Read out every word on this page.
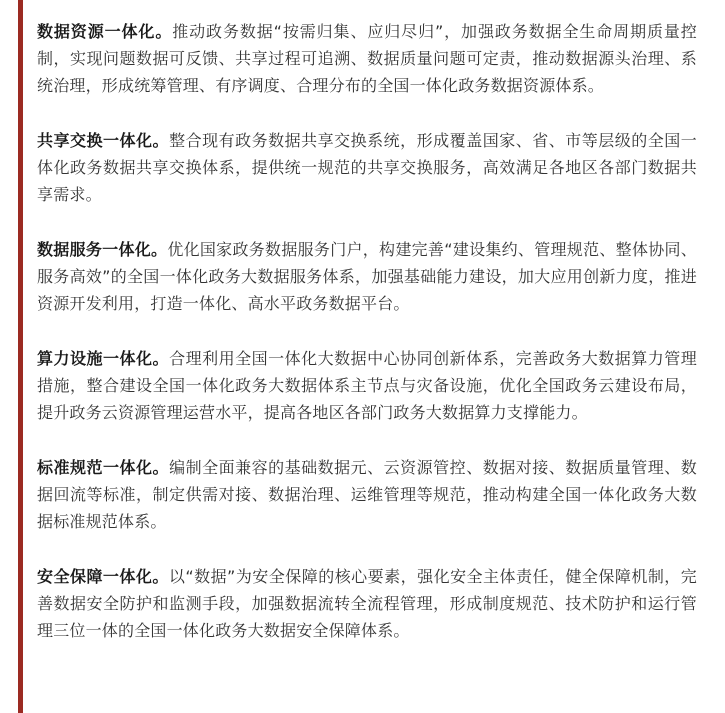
数据资源一体化。推动政务数据“按需归集、应归尽归”，加强政务数据全生命周期质量控制，实现问题数据可反馈、共享过程可追溯、数据质量问题可定责，推动数据源头治理、系统治理，形成统筹管理、有序调度、合理分布的全国一体化政务数据资源体系。

共享交换一体化。整合现有政务数据共享交换系统，形成覆盖国家、省、市等层级的全国一体化政务数据共享交换体系，提供统一规范的共享交换服务，高效满足各地区各部门数据共享需求。

数据服务一体化。优化国家政务数据服务门户，构建完善“建设集约、管理规范、整体协同、服务高效”的全国一体化政务大数据服务体系，加强基础能力建设，加大应用创新力度，推进资源开发利用，打造一体化、高水平政务数据平台。

算力设施一体化。合理利用全国一体化大数据中心协同创新体系，完善政务大数据算力管理措施，整合建设全国一体化政务大数据体系主节点与灾备设施，优化全国政务云建设布局，提升政务云资源管理运营水平，提高各地区各部门政务大数据算力支撑能力。

标准规范一体化。编制全面兼容的基础数据元、云资源管控、数据对接、数据质量管理、数据回流等标准，制定供需对接、数据治理、运维管理等规范，推动构建全国一体化政务大数据标准规范体系。

安全保障一体化。以“数据”为安全保障的核心要素，强化安全主体责任，健全保障机制，完善数据安全防护和监测手段，加强数据流转全流程管理，形成制度规范、技术防护和运行管理三位一体的全国一体化政务大数据安全保障体系。
